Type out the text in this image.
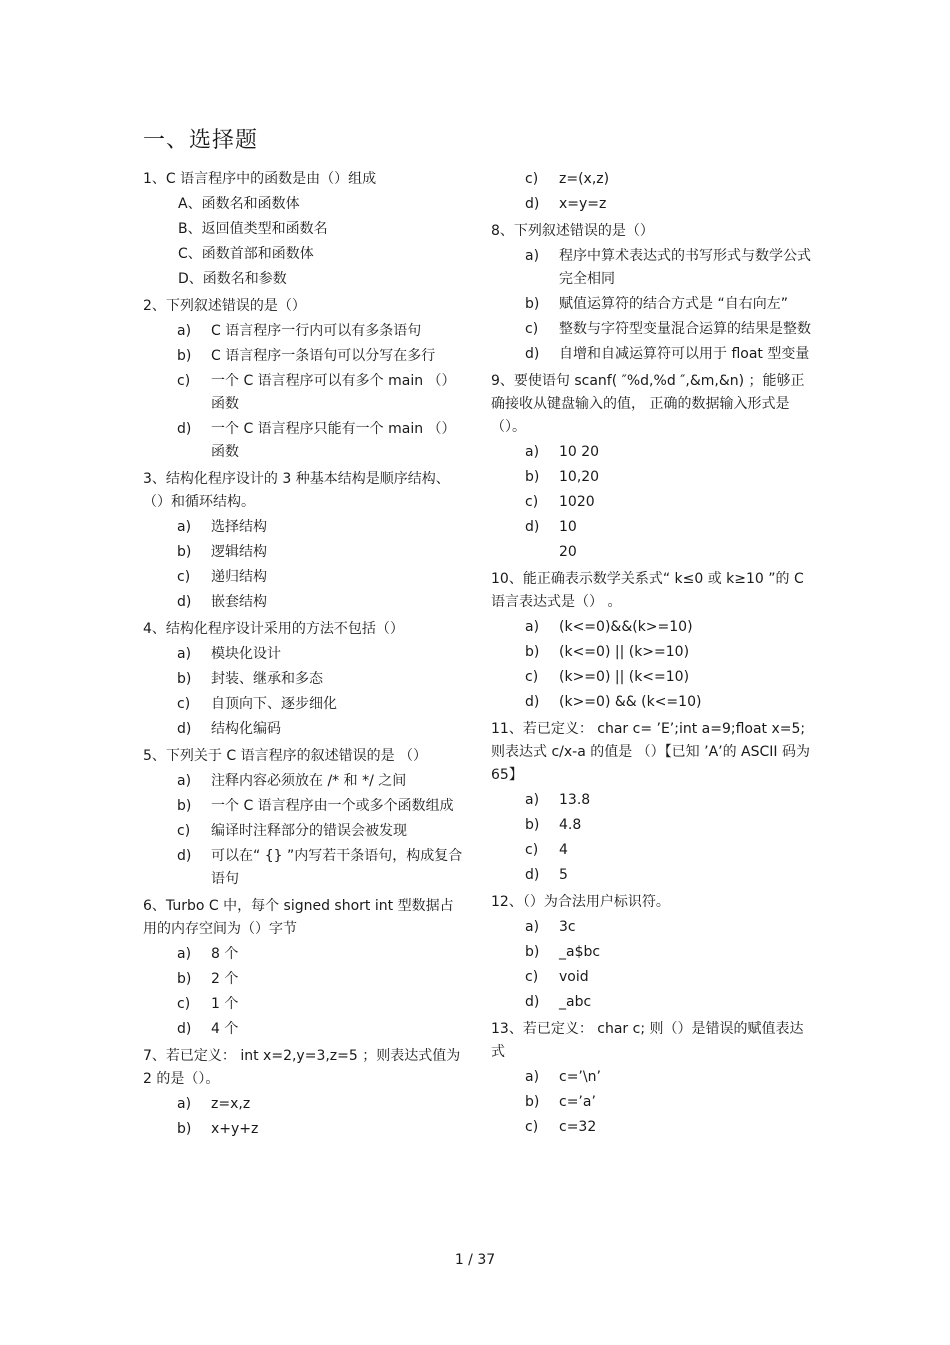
一、选择题
1、C 语言程序中的函数是由（）组成
A、函数名和函数体
B、返回值类型和函数名
C、函数首部和函数体
D、函数名和参数
2、下列叙述错误的是（）
a) C 语言程序一行内可以有多条语句
b) C 语言程序一条语句可以分写在多行
c) 一个 C 语言程序可以有多个 main （）函数
d) 一个 C 语言程序只能有一个 main （）函数
3、结构化程序设计的 3 种基本结构是顺序结构、（）和循环结构。
a) 选择结构
b) 逻辑结构
c) 递归结构
d) 嵌套结构
4、结构化程序设计采用的方法不包括（）
a) 模块化设计
b) 封装、继承和多态
c) 自顶向下、逐步细化
d) 结构化编码
5、下列关于 C 语言程序的叙述错误的是 （）
a) 注释内容必须放在 /* 和 */ 之间
b) 一个 C 语言程序由一个或多个函数组成
c) 编译时注释部分的错误会被发现
d) 可以在“ {} ”内写若干条语句，构成复合语句
6、Turbo C 中，每个 signed short int 型数据占用的内存空间为（）字节
a) 8 个
b) 2 个
c) 1 个
d) 4 个
7、若已定义： int x=2,y=3,z=5 ；则表达式值为 2 的是（）。
a) z=x,z
b) x+y+z
c) z=(x,z)
d) x=y=z
8、下列叙述错误的是（）
a) 程序中算术表达式的书写形式与数学公式完全相同
b) 赋值运算符的结合方式是 “自右向左”
c) 整数与字符型变量混合运算的结果是整数
d) 自增和自减运算符可以用于 float 型变量
9、要使语句 scanf( ″%d,%d ″,&m,&n) ；能够正确接收从键盘输入的值， 正确的数据输入形式是（）。
a) 10 20
b) 10,20
c) 1020
d) 10
20
10、能正确表示数学关系式“ k≤0 或 k≥10 ”的 C 语言表达式是（） 。
a) (k<=0)&&(k>=10)
b) (k<=0) || (k>=10)
c) (k>=0) || (k<=10)
d) (k>=0) && (k<=10)
11、若已定义： char c= ’E’;int a=9;float x=5; 则表达式 c/x-a 的值是 （）【已知 ’A’的 ASCII 码为 65】
a) 13.8
b) 4.8
c) 4
d) 5
12、（）为合法用户标识符。
a) 3c
b) _a$bc
c) void
d) _abc
13、若已定义： char c; 则（）是错误的赋值表达式
a) c=’\n’
b) c=’a’
c) c=32
1 / 37
